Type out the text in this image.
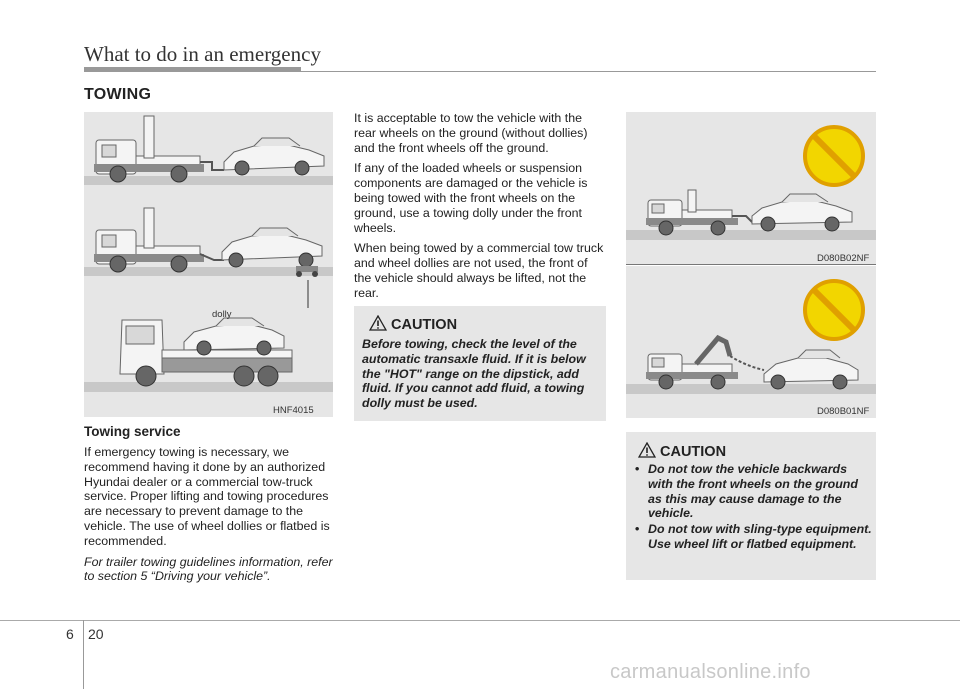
What to do in an emergency
TOWING
dolly
HNF4015
D080B02NF
D080B01NF
Towing service

If emergency towing is necessary, we recommend having it done by an authorized Hyundai dealer or a commercial tow-truck service. Proper lifting and towing procedures are necessary to prevent damage to the vehicle. The use of wheel dollies or flatbed is recommended.

For trailer towing guidelines information, refer to section 5 “Driving your vehicle”.

It is acceptable to tow the vehicle with the rear wheels on the ground (without dollies) and the front wheels off the ground.

If any of the loaded wheels or suspension components are damaged or the vehicle is being towed with the front wheels on the ground, use a towing dolly under the front wheels.

When being towed by a commercial tow truck and wheel dollies are not used, the front of the vehicle should always be lifted, not the rear.

CAUTION
Before towing, check the level of the automatic transaxle fluid. If it is below the "HOT" range on the dipstick, add fluid. If you cannot add fluid, a towing dolly must be used.
CAUTION
• Do not tow the vehicle backwards with the front wheels on the ground as this may cause damage to the vehicle.
• Do not tow with sling-type equipment. Use wheel lift or flatbed equipment.
6 20
carmanualsonline.info
